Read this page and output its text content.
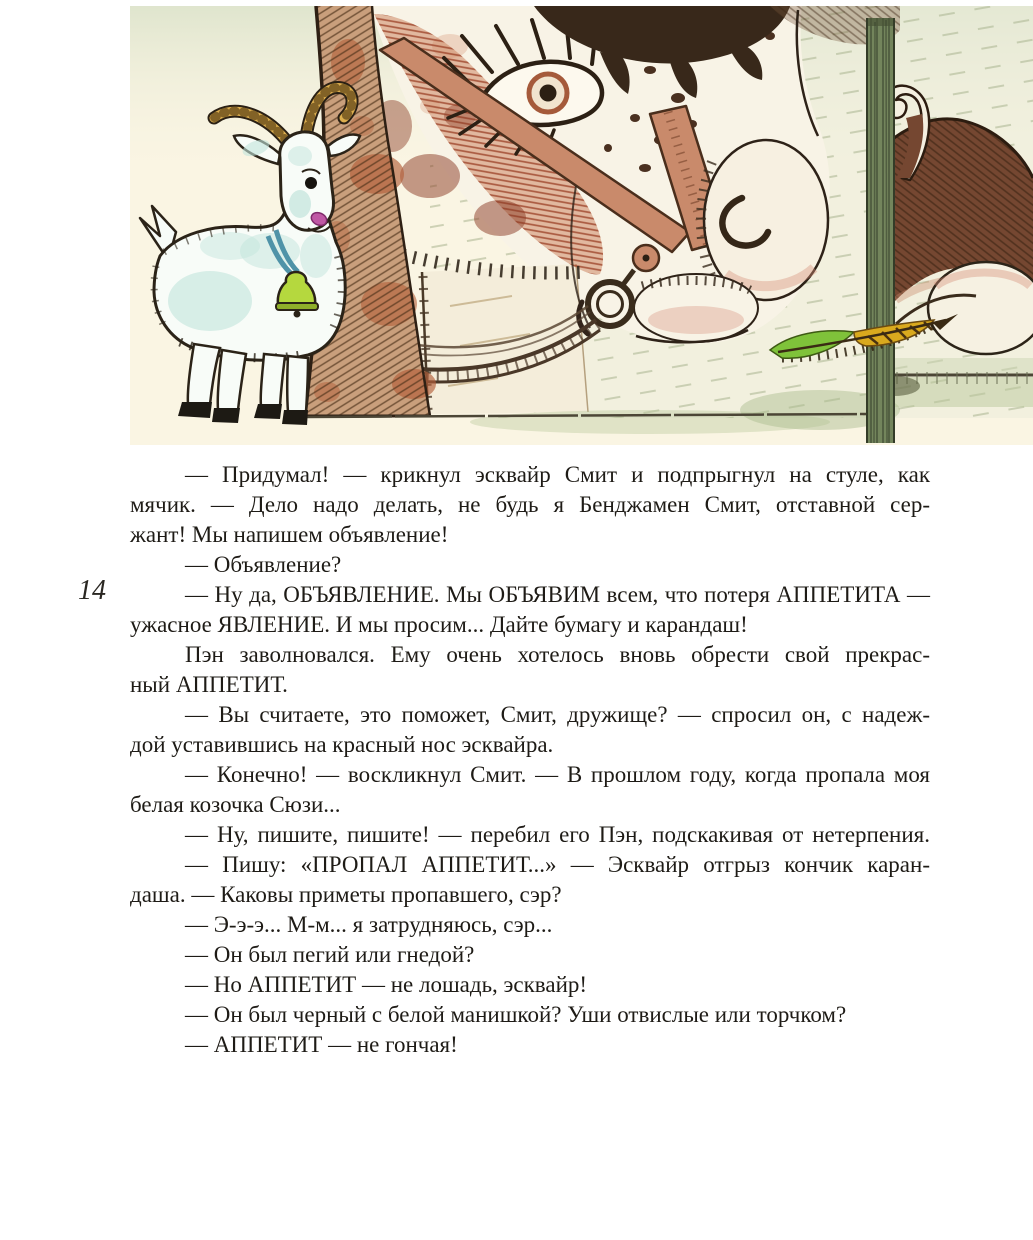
14
— Придумал! — крикнул эсквайр Смит и подпрыгнул на стуле, как
мячик. — Дело надо делать, не будь я Бенджамен Смит, отставной сер-
жант! Мы напишем объявление!
— Объявление?
— Ну да, ОБЪЯВЛЕНИЕ. Мы ОБЪЯВИМ всем, что потеря АППЕТИТА —
ужасное ЯВЛЕНИЕ. И мы просим... Дайте бумагу и карандаш!
Пэн заволновался. Ему очень хотелось вновь обрести свой прекрас-
ный АППЕТИТ.
— Вы считаете, это поможет, Смит, дружище? — спросил он, с надеж-
дой уставившись на красный нос эсквайра.
— Конечно! — воскликнул Смит. — В прошлом году, когда пропала моя
белая козочка Сюзи...
— Ну, пишите, пишите! — перебил его Пэн, подскакивая от нетерпения.
— Пишу: «ПРОПАЛ АППЕТИТ...» — Эсквайр отгрыз кончик каран-
даша. — Каковы приметы пропавшего, сэр?
— Э-э-э... М-м... я затрудняюсь, сэр...
— Он был пегий или гнедой?
— Но АППЕТИТ — не лошадь, эсквайр!
— Он был черный с белой манишкой? Уши отвислые или торчком?
— АППЕТИТ — не гончая!
